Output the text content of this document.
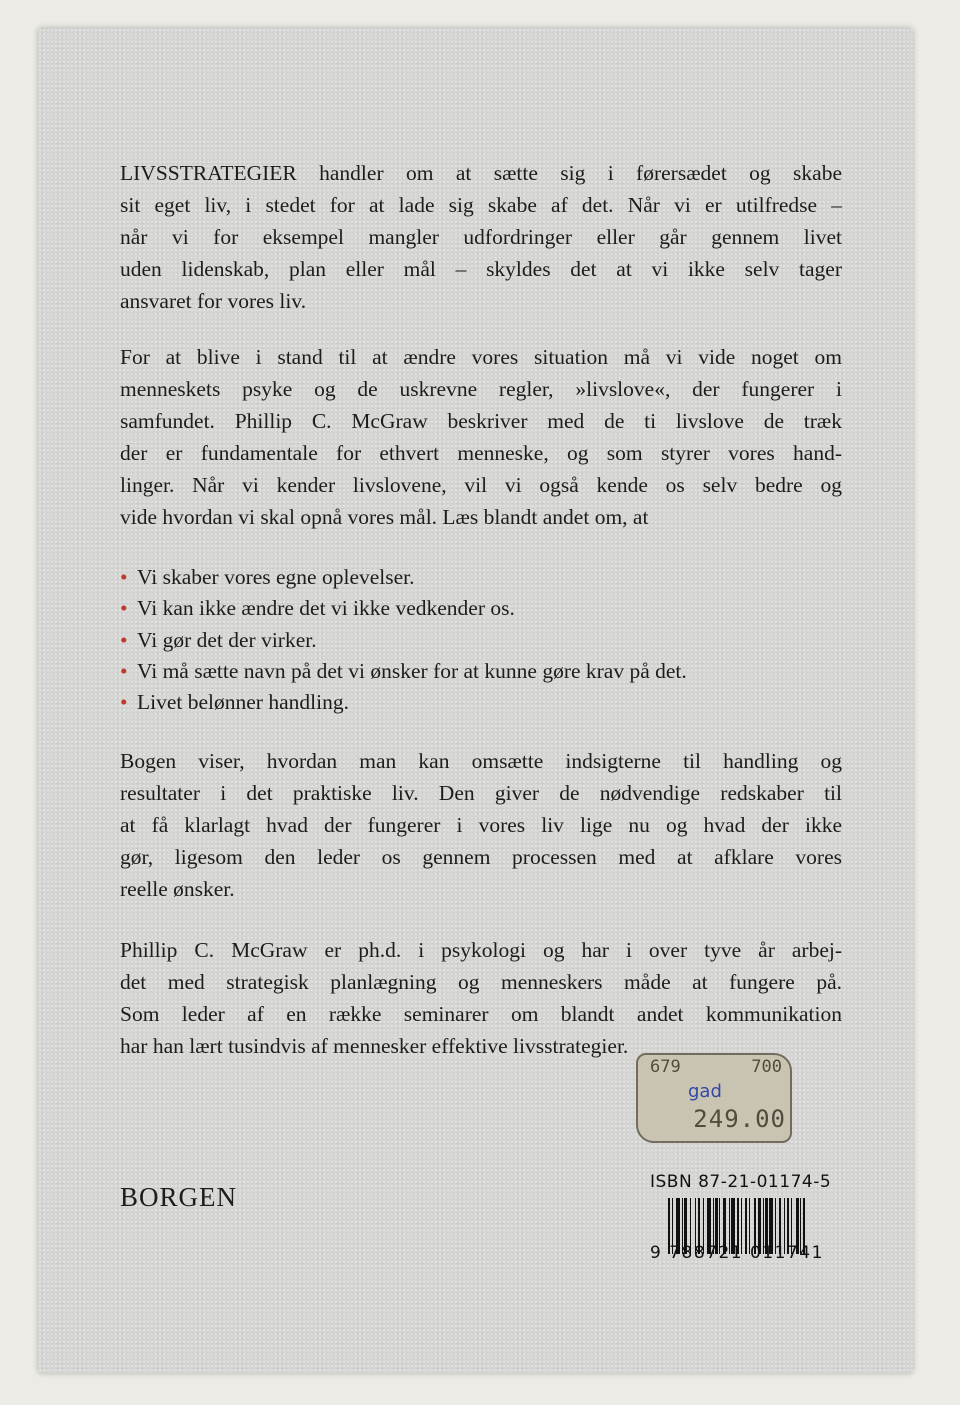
LIVSSTRATEGIER handler om at sætte sig i førersædet og skabe
sit eget liv, i stedet for at lade sig skabe af det. Når vi er utilfredse –
når vi for eksempel mangler udfordringer eller går gennem livet
uden lidenskab, plan eller mål – skyldes det at vi ikke selv tager
ansvaret for vores liv.
For at blive i stand til at ændre vores situation må vi vide noget om
menneskets psyke og de uskrevne regler, »livslove«, der fungerer i
samfundet. Phillip C. McGraw beskriver med de ti livslove de træk
der er fundamentale for ethvert menneske, og som styrer vores hand-
linger. Når vi kender livslovene, vil vi også kende os selv bedre og
vide hvordan vi skal opnå vores mål. Læs blandt andet om, at
• Vi skaber vores egne oplevelser.
• Vi kan ikke ændre det vi ikke vedkender os.
• Vi gør det der virker.
• Vi må sætte navn på det vi ønsker for at kunne gøre krav på det.
• Livet belønner handling.
Bogen viser, hvordan man kan omsætte indsigterne til handling og
resultater i det praktiske liv. Den giver de nødvendige redskaber til
at få klarlagt hvad der fungerer i vores liv lige nu og hvad der ikke
gør, ligesom den leder os gennem processen med at afklare vores
reelle ønsker.
Phillip C. McGraw er ph.d. i psykologi og har i over tyve år arbej-
det med strategisk planlægning og menneskers måde at fungere på.
Som leder af en række seminarer om blandt andet kommunikation
har han lært tusindvis af mennesker effektive livsstrategier.
679	700
gad
249.00
BORGEN	ISBN 87-21-01174-5
9 788721 011741
